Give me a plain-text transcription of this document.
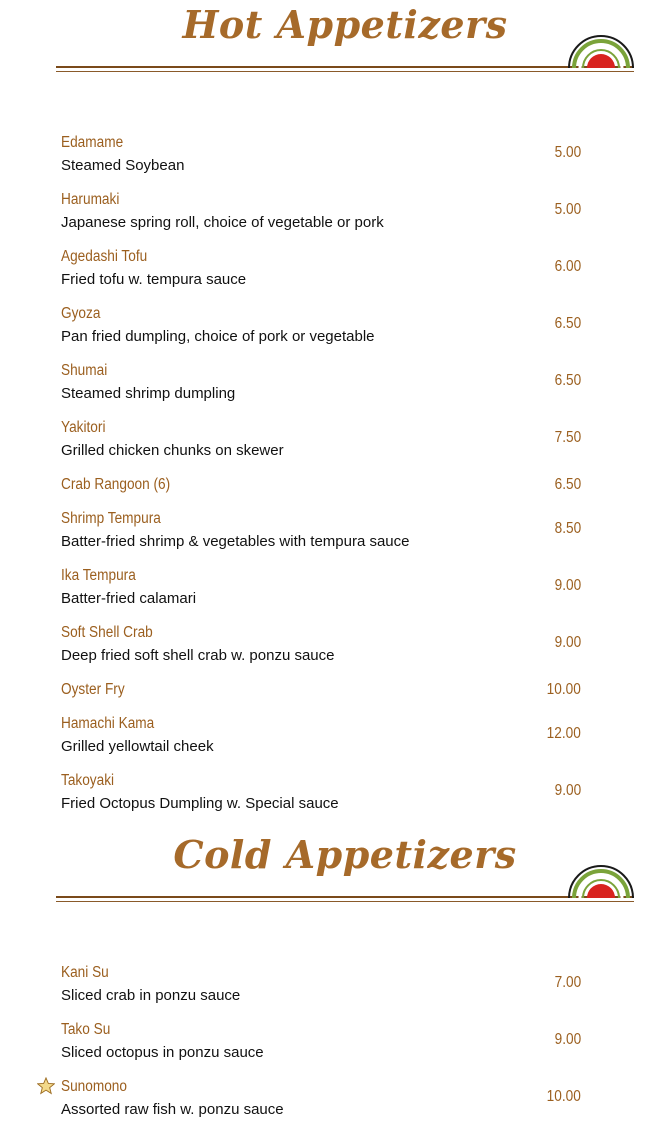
Hot Appetizers
Edamame
Steamed Soybean
5.00
Harumaki
Japanese spring roll, choice of vegetable or pork
5.00
Agedashi Tofu
Fried tofu w. tempura sauce
6.00
Gyoza
Pan fried dumpling, choice of pork or vegetable
6.50
Shumai
Steamed shrimp dumpling
6.50
Yakitori
Grilled chicken chunks on skewer
7.50
Crab Rangoon (6)	6.50
Shrimp Tempura
Batter-fried shrimp & vegetables with tempura sauce
8.50
Ika Tempura
Batter-fried calamari
9.00
Soft Shell Crab
Deep fried soft shell crab w. ponzu sauce
9.00
Oyster Fry	10.00
Hamachi Kama
Grilled yellowtail cheek
12.00
Takoyaki
Fried Octopus Dumpling w. Special sauce
9.00
Cold Appetizers
Kani Su
Sliced crab in ponzu sauce
7.00
Tako Su
Sliced octopus in ponzu sauce
9.00
Sunomono
Assorted raw fish w. ponzu sauce
10.00
